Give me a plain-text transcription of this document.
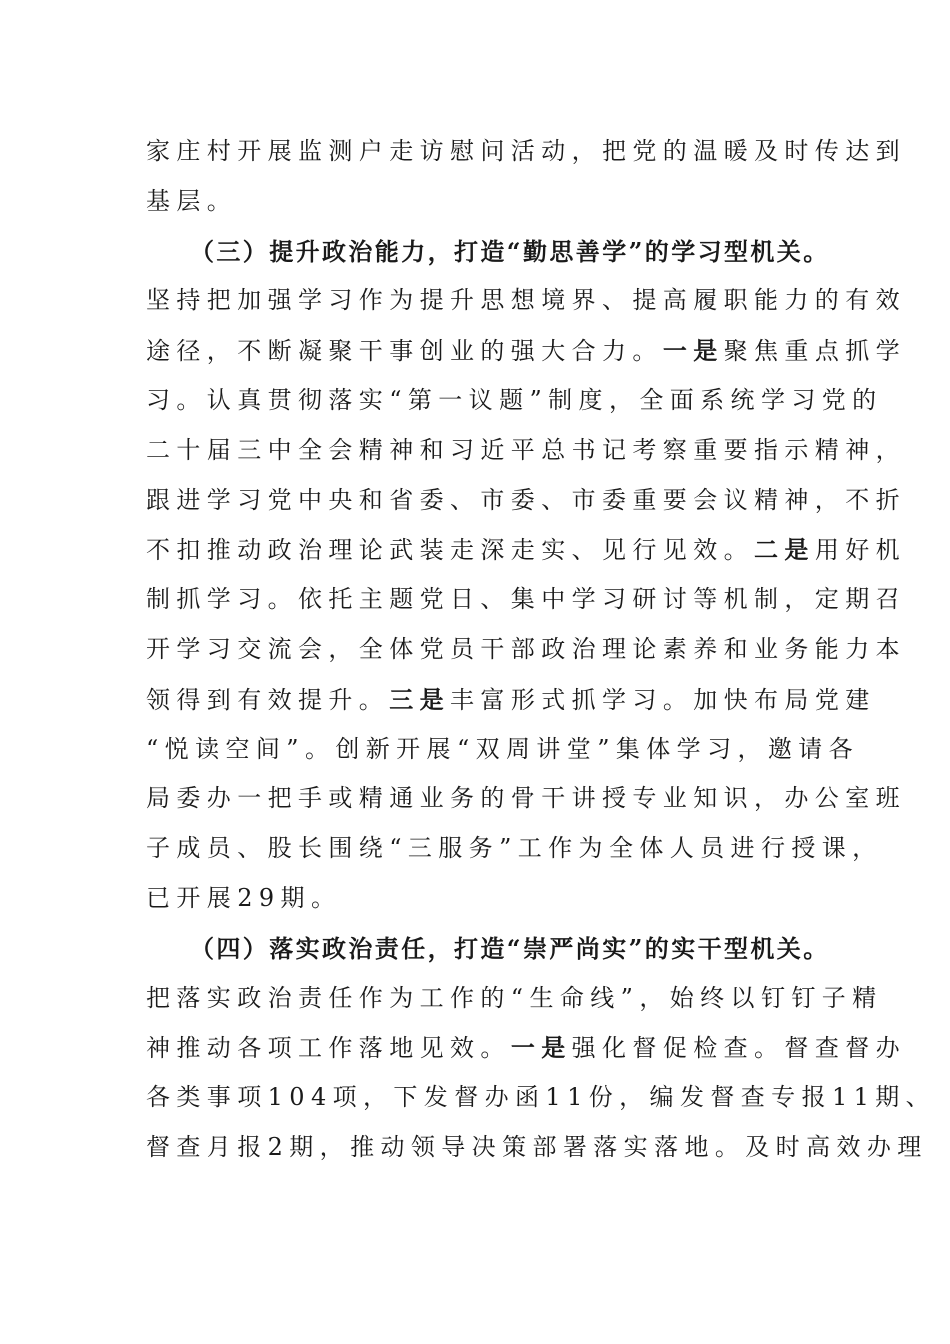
家庄村开展监测户走访慰问活动，把党的温暖及时传达到
基层。
（三）提升政治能力，打造“勤思善学”的学习型机关。
坚持把加强学习作为提升思想境界、提高履职能力的有效
途径，不断凝聚干事创业的强大合力。一是聚焦重点抓学
习。认真贯彻落实“第一议题”制度，全面系统学习党的
二十届三中全会精神和习近平总书记考察重要指示精神，
跟进学习党中央和省委、市委、市委重要会议精神，不折
不扣推动政治理论武装走深走实、见行见效。二是用好机
制抓学习。依托主题党日、集中学习研讨等机制，定期召
开学习交流会，全体党员干部政治理论素养和业务能力本
领得到有效提升。三是丰富形式抓学习。加快布局党建
“悦读空间”。创新开展“双周讲堂”集体学习，邀请各
局委办一把手或精通业务的骨干讲授专业知识，办公室班
子成员、股长围绕“三服务”工作为全体人员进行授课，
已开展29期。
（四）落实政治责任，打造“崇严尚实”的实干型机关。
把落实政治责任作为工作的“生命线”，始终以钉钉子精
神推动各项工作落地见效。一是强化督促检查。督查督办
各类事项104项，下发督办函11份，编发督查专报11期、
督查月报2期，推动领导决策部署落实落地。及时高效办理
